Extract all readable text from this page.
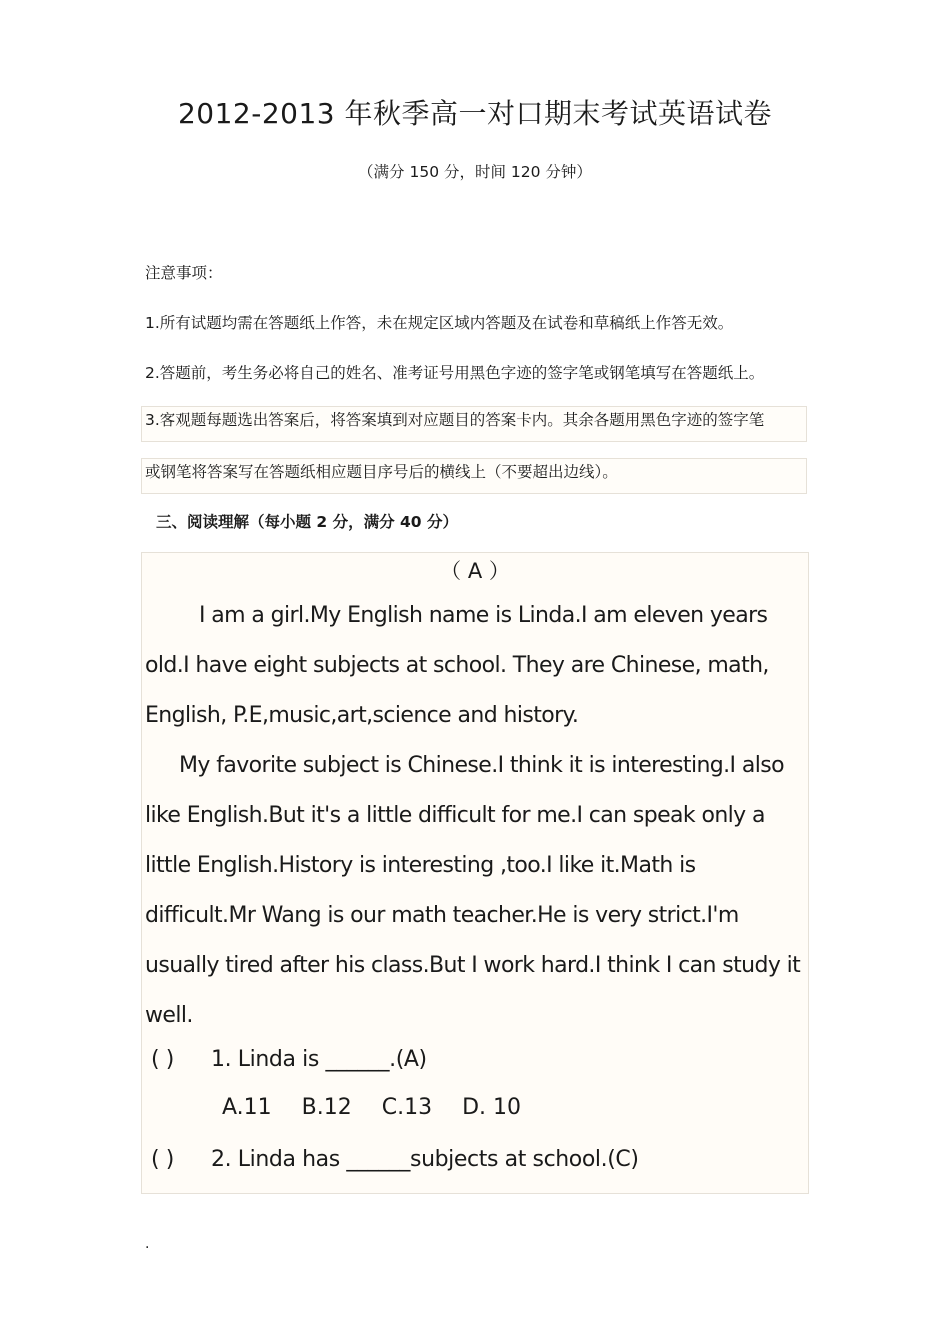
2012-2013 年秋季高一对口期末考试英语试卷
（满分 150 分，时间 120 分钟）
注意事项：
1.所有试题均需在答题纸上作答，未在规定区域内答题及在试卷和草稿纸上作答无效。
2.答题前，考生务必将自己的姓名、准考证号用黑色字迹的签字笔或钢笔填写在答题纸上。
3.客观题每题选出答案后，将答案填到对应题目的答案卡内。其余各题用黑色字迹的签字笔
或钢笔将答案写在答题纸相应题目序号后的横线上（不要超出边线）。
三、阅读理解（每小题 2 分，满分 40 分）
（ A ）

I am a girl.My English name is Linda.I am eleven years old.I have eight subjects at school. They are Chinese, math, English, P.E,music,art,science and history.

My favorite subject is Chinese.I think it is interesting.I also like English.But it's a little difficult for me.I can speak only a little English.History is interesting ,too.I like it.Math is difficult.Mr Wang is our math teacher.He is very strict.I'm usually tired after his class.But I work hard.I think I can study it well.

( ) 1. Linda is ______.(A)
A.11 B.12 C.13 D. 10
( ) 2. Linda has ______subjects at school.(C)
.
